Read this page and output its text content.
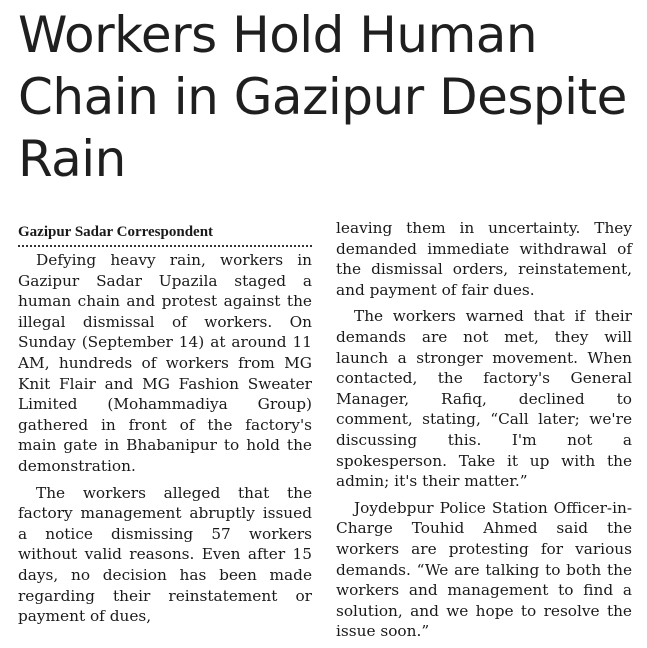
Workers Hold Human Chain in Gazipur Despite Rain
Gazipur Sadar Correspondent

Defying heavy rain, workers in Gazipur Sadar Upazila staged a human chain and protest against the illegal dismissal of workers. On Sunday (September 14) at around 11 AM, hundreds of workers from MG Knit Flair and MG Fashion Sweater Limited (Mohammadiya Group) gathered in front of the factory's main gate in Bhabanipur to hold the demonstration.

The workers alleged that the factory management abruptly issued a notice dismissing 57 workers without valid reasons. Even after 15 days, no decision has been made regarding their reinstatement or payment of dues,

leaving them in uncertainty. They demanded immediate withdrawal of the dismissal orders, reinstatement, and payment of fair dues.

The workers warned that if their demands are not met, they will launch a stronger movement. When contacted, the factory's General Manager, Rafiq, declined to comment, stating, “Call later; we're discussing this. I'm not a spokesperson. Take it up with the admin; it's their matter.”

Joydebpur Police Station Officer-in-Charge Touhid Ahmed said the workers are protesting for various demands. “We are talking to both the workers and management to find a solution, and we hope to resolve the issue soon.”
